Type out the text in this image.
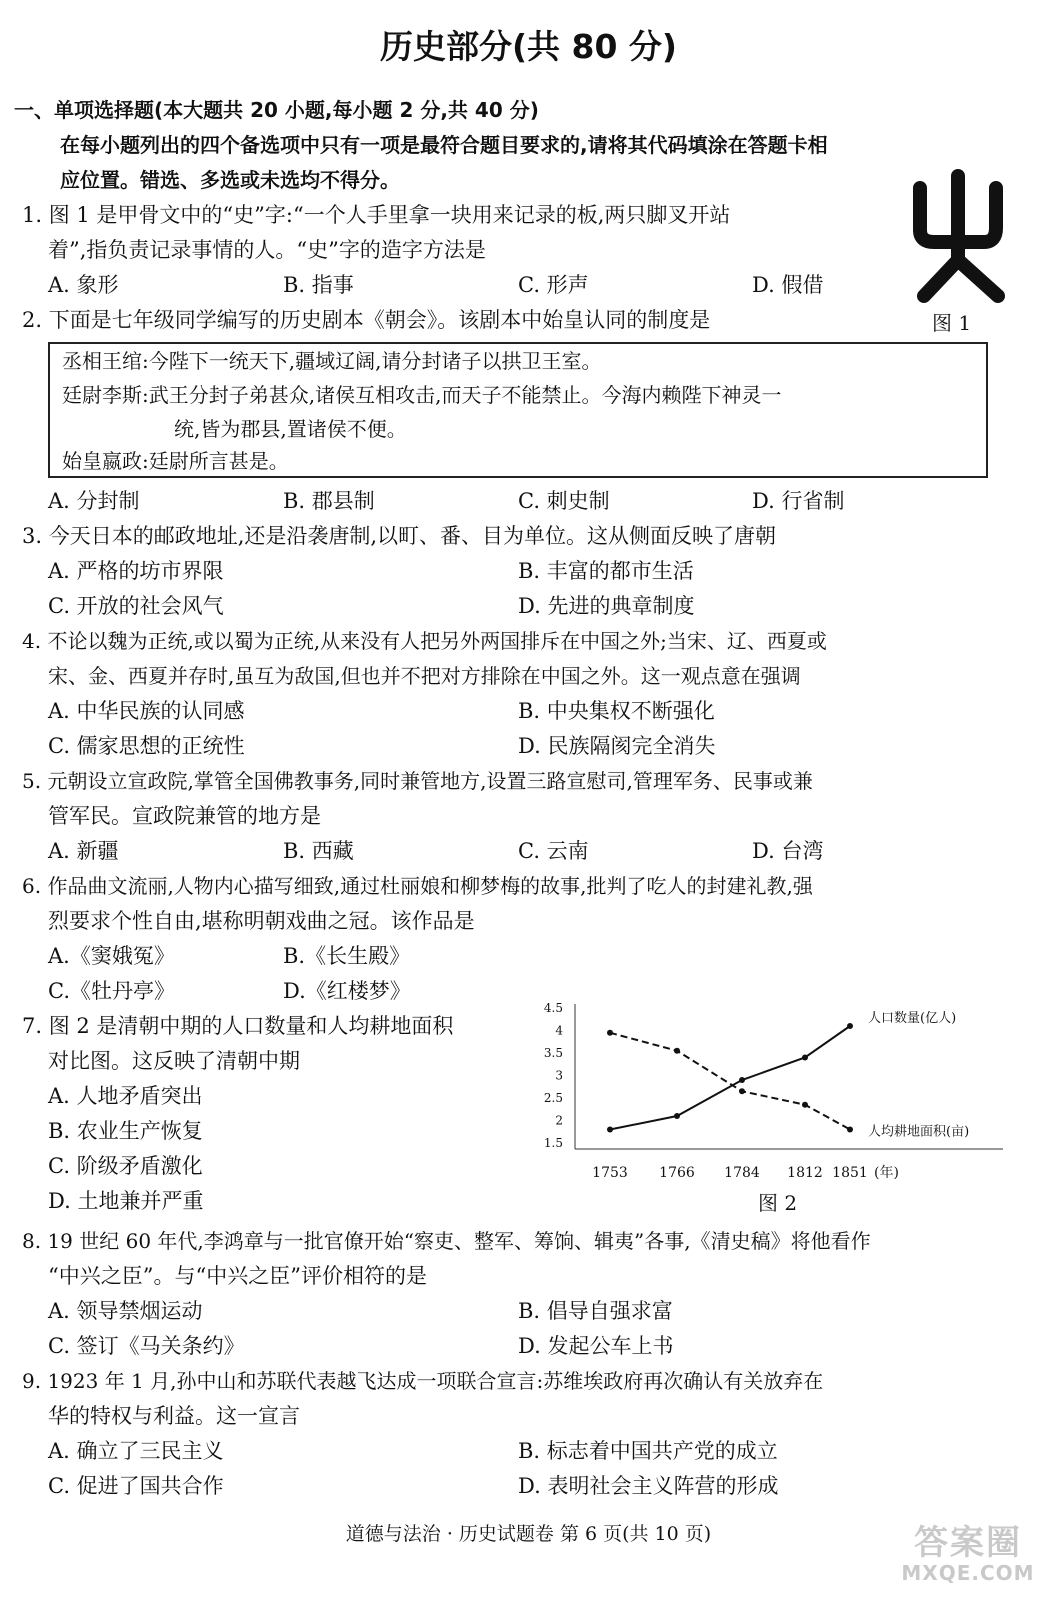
历史部分(共 80 分)
一、单项选择题(本大题共 20 小题,每小题 2 分,共 40 分)
在每小题列出的四个备选项中只有一项是最符合题目要求的,请将其代码填涂在答题卡相
应位置。错选、多选或未选均不得分。
1. 图 1 是甲骨文中的“史”字:“一个人手里拿一块用来记录的板,两只脚叉开站
着”,指负责记录事情的人。“史”字的造字方法是
A. 象形	B. 指事	C. 形声	D. 假借
图 1
2. 下面是七年级同学编写的历史剧本《朝会》。该剧本中始皇认同的制度是
丞相王绾:今陛下一统天下,疆域辽阔,请分封诸子以拱卫王室。
廷尉李斯:武王分封子弟甚众,诸侯互相攻击,而天子不能禁止。今海内赖陛下神灵一
统,皆为郡县,置诸侯不便。
始皇嬴政:廷尉所言甚是。
A. 分封制	B. 郡县制	C. 刺史制	D. 行省制
3. 今天日本的邮政地址,还是沿袭唐制,以町、番、目为单位。这从侧面反映了唐朝
A. 严格的坊市界限	B. 丰富的都市生活
C. 开放的社会风气	D. 先进的典章制度
4. 不论以魏为正统,或以蜀为正统,从来没有人把另外两国排斥在中国之外;当宋、辽、西夏或
宋、金、西夏并存时,虽互为敌国,但也并不把对方排除在中国之外。这一观点意在强调
A. 中华民族的认同感	B. 中央集权不断强化
C. 儒家思想的正统性	D. 民族隔阂完全消失
5. 元朝设立宣政院,掌管全国佛教事务,同时兼管地方,设置三路宣慰司,管理军务、民事或兼
管军民。宣政院兼管的地方是
A. 新疆	B. 西藏	C. 云南	D. 台湾
6. 作品曲文流丽,人物内心描写细致,通过杜丽娘和柳梦梅的故事,批判了吃人的封建礼教,强
烈要求个性自由,堪称明朝戏曲之冠。该作品是
A.《窦娥冤》	B.《长生殿》
C.《牡丹亭》	D.《红楼梦》
7. 图 2 是清朝中期的人口数量和人均耕地面积
对比图。这反映了清朝中期
A. 人地矛盾突出
B. 农业生产恢复
C. 阶级矛盾激化
D. 土地兼并严重
4.5
4
3.5
3
2.5
2
1.5
1753 1766 1784 1812 1851 (年)
人口数量(亿人)
人均耕地面积(亩)
图 2
8. 19 世纪 60 年代,李鸿章与一批官僚开始“察吏、整军、筹饷、辑夷”各事,《清史稿》将他看作
“中兴之臣”。与“中兴之臣”评价相符的是
A. 领导禁烟运动	B. 倡导自强求富
C. 签订《马关条约》	D. 发起公车上书
9. 1923 年 1 月,孙中山和苏联代表越飞达成一项联合宣言:苏维埃政府再次确认有关放弃在
华的特权与利益。这一宣言
A. 确立了三民主义	B. 标志着中国共产党的成立
C. 促进了国共合作	D. 表明社会主义阵营的形成
道德与法治 · 历史试题卷 第 6 页(共 10 页)	答案圈
MXQE.COM
